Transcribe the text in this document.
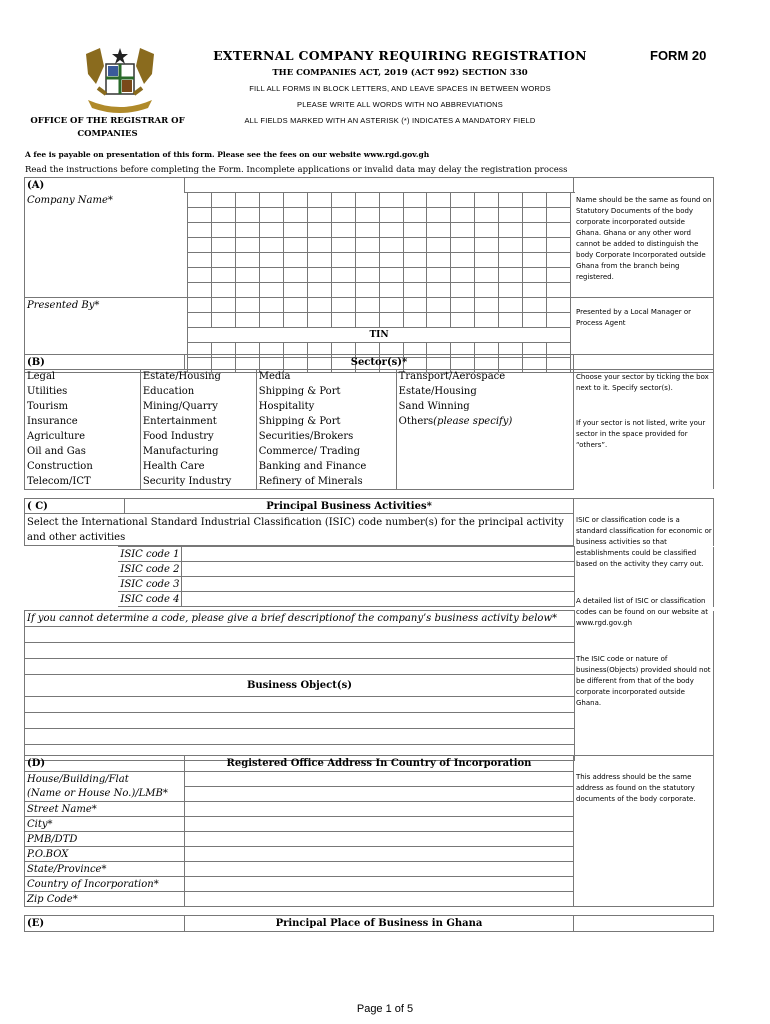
EXTERNAL COMPANY REQUIRING REGISTRATION	FORM 20
THE COMPANIES ACT, 2019 (ACT 992) SECTION 330
FILL ALL FORMS IN BLOCK LETTERS, AND LEAVE SPACES IN BETWEEN WORDS
PLEASE WRITE ALL WORDS WITH NO ABBREVIATIONS
ALL FIELDS MARKED WITH AN ASTERISK (*) INDICATES A MANDATORY FIELD
OFFICE OF THE REGISTRAR OF COMPANIES
A fee is payable on presentation of this form. Please see the fees on our website www.rgd.gov.gh
Read the instructions before completing the Form. Incomplete applications or invalid data may delay the registration process
(A)		
Company Name*																	

Presented By*																	

	TIN																

Name should be the same as found on Statutory Documents of the body corporate incorporated outside Ghana. Ghana or any other word cannot be added to distinguish the body Corporate Incorporated outside Ghana from the branch being registered.
Presented by a Local Manager or Process Agent
(B)	Sector(s)*	
Legal	Estate/Housing	Media	Transport/Aerospace	
Utilities	Education	Shipping & Port	Estate/Housing	
Tourism	Mining/Quarry	Hospitality	Sand Winning	
Insurance	Entertainment	Shipping & Port	Others(please specify)	
Agriculture	Food Industry	Securities/Brokers		
Oil and Gas	Manufacturing	Commerce/ Trading		
Construction	Health Care	Banking and Finance		
Telecom/ICT	Security Industry	Refinery of Minerals		
Choose your sector by ticking the box next to it. Specify sector(s).
If your sector is not listed, write your sector in the space provided for “others”.
( C)	Principal Business Activities*	
Select the International Standard Industrial Classification (ISIC) code number(s) for the principal activity and other activities		
	ISIC code 1		
	ISIC code 2		
	ISIC code 3		
	ISIC code 4		
If you cannot determine a code, please give a brief descriptionof the company’s business activity below*	

Business Object(s)	

ISIC or classification code is a standard classification for economic or business activities so that establishments could be classified based on the activity they carry out.
A detailed list of ISIC or classification codes can be found on our website at www.rgd.gov.gh
The ISIC code or nature of business(Objects) provided should not be different from that of the body corporate incorporated outside Ghana.
(D)	Registered Office Address In Country of Incorporation	
House/Building/Flat		
(Name or House No.)/LMB*		
Street Name*		
City*		
PMB/DTD		
P.O.BOX		
State/Province*		
Country of Incorporation*		
Zip Code*		
This address should be the same address as found on the statutory documents of the body corporate.
(E)	Principal Place of Business in Ghana	
Page 1 of 5
